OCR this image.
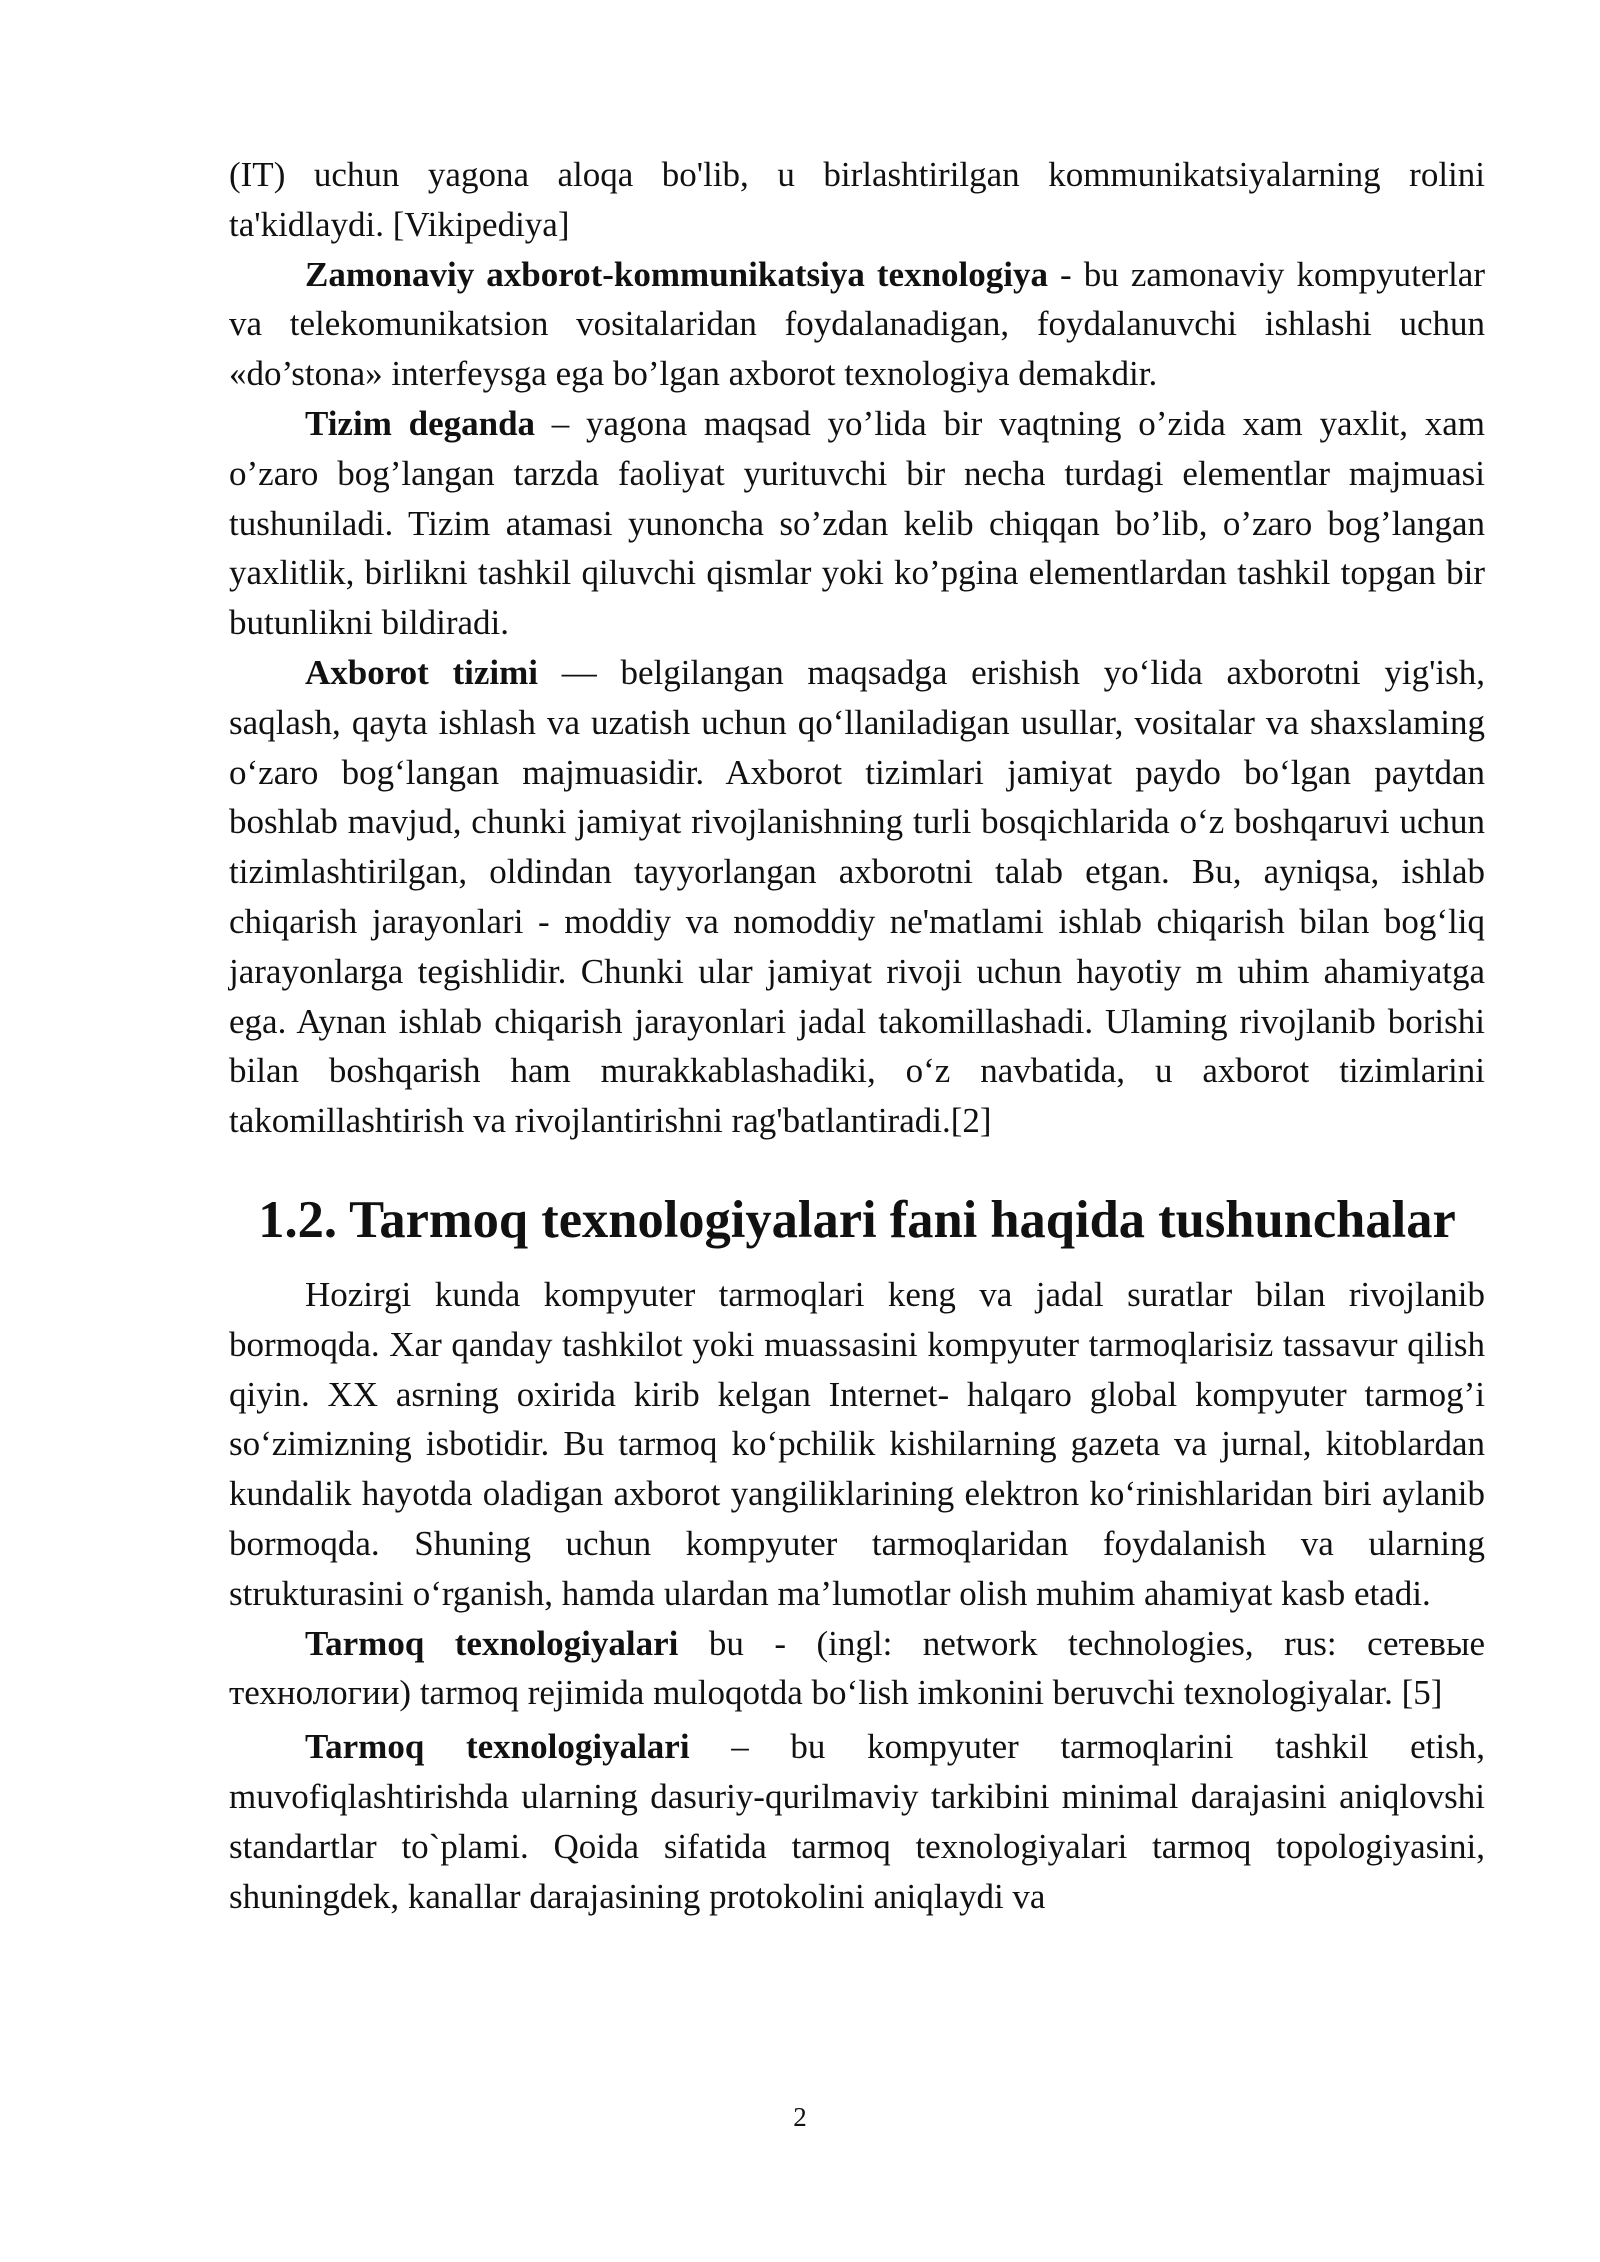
(IT) uchun yagona aloqa bo'lib, u birlashtirilgan kommunikatsiyalarning rolini ta'kidlaydi. [Vikipediya]

Zamonaviy axborot-kommunikatsiya texnologiya - bu zamonaviy kompyuterlar va telekomunikatsion vositalaridan foydalanadigan, foydalanuvchi ishlashi uchun «do’stona» interfeysga ega bo’lgan axborot texnologiya demakdir.

Tizim deganda – yagona maqsad yo’lida bir vaqtning o’zida xam yaxlit, xam o’zaro bog’langan tarzda faoliyat yurituvchi bir necha turdagi elementlar majmuasi tushuniladi. Tizim atamasi yunoncha so’zdan kelib chiqqan bo’lib, o’zaro bog’langan yaxlitlik, birlikni tashkil qiluvchi qismlar yoki ko’pgina elementlardan tashkil topgan bir butunlikni bildiradi.

Axborot tizimi — belgilangan maqsadga erishish yo‘lida axborotni yig'ish, saqlash, qayta ishlash va uzatish uchun qo‘llaniladigan usullar, vositalar va shaxslaming o‘zaro bog‘langan majmuasidir. Axborot tizimlari jamiyat paydo bo‘lgan paytdan boshlab mavjud, chunki jamiyat rivojlanishning turli bosqichlarida o‘z boshqaruvi uchun tizimlashtirilgan, oldindan tayyorlangan axborotni talab etgan. Bu, ayniqsa, ishlab chiqarish jarayonlari - moddiy va nomoddiy ne'matlami ishlab chiqarish bilan bog‘liq jarayonlarga tegishlidir. Chunki ular jamiyat rivoji uchun hayotiy m uhim ahamiyatga ega. Aynan ishlab chiqarish jarayonlari jadal takomillashadi. Ulaming rivojlanib borishi bilan boshqarish ham murakkablashadiki, o‘z navbatida, u axborot tizimlarini takomillashtirish va rivojlantirishni rag'batlantiradi.[2]

1.2. Tarmoq texnologiyalari fani haqida tushunchalar

Hozirgi kunda kompyuter tarmoqlari keng va jadal suratlar bilan rivojlanib bormoqda. Xar qanday tashkilot yoki muassasini kompyuter tarmoqlarisiz tassavur qilish qiyin. XX asrning oxirida kirib kelgan Internet- halqaro global kompyuter tarmog’i so‘zimizning isbotidir. Bu tarmoq ko‘pchilik kishilarning gazeta va jurnal, kitoblardan kundalik hayotda oladigan axborot yangiliklarining elektron ko‘rinishlaridan biri aylanib bormoqda. Shuning uchun kompyuter tarmoqlaridan foydalanish va ularning strukturasini o‘rganish, hamda ulardan ma’lumotlar olish muhim ahamiyat kasb etadi.

Tarmoq texnologiyalari bu - (ingl: network technologies, rus: сетевые технологии) tarmoq rejimida muloqotda bo‘lish imkonini beruvchi texnologiyalar. [5]

Tarmoq texnologiyalari – bu kompyuter tarmoqlarini tashkil etish, muvofiqlashtirishda ularning dasuriy-qurilmaviy tarkibini minimal darajasini aniqlovshi standartlar to`plami. Qoida sifatida tarmoq texnologiyalari tarmoq topologiyasini, shuningdek, kanallar darajasining protokolini aniqlaydi va

2
